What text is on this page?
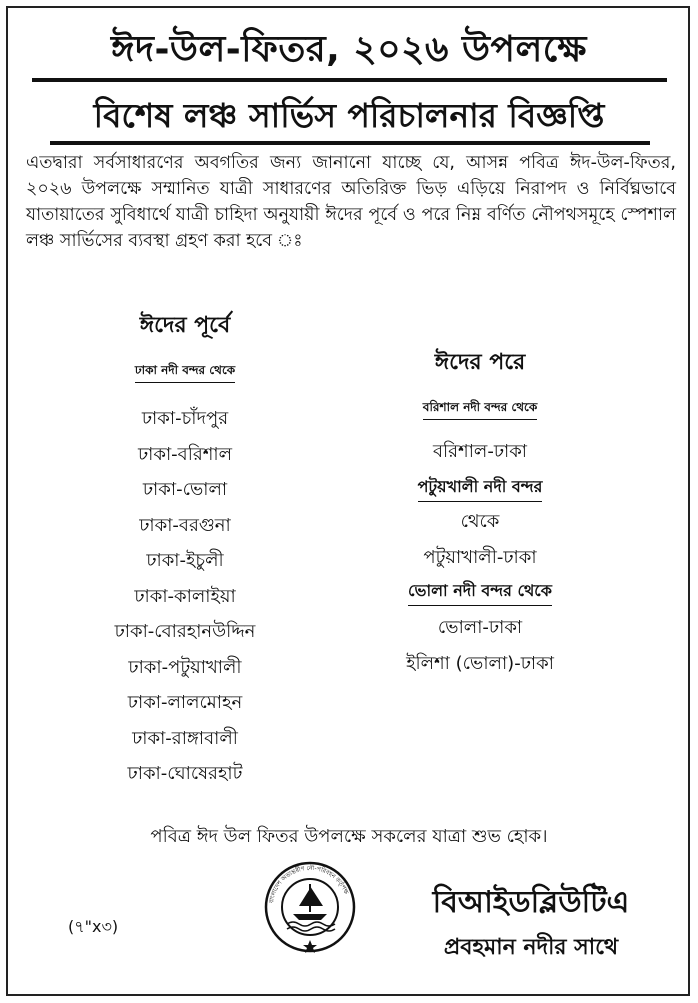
ঈদ-উল-ফিতর, ২০২৬ উপলক্ষে
বিশেষ লঞ্চ সার্ভিস পরিচালনার বিজ্ঞপ্তি
এতদ্বারা সর্বসাধারণের অবগতির জন্য জানানো যাচ্ছে যে, আসন্ন পবিত্র ঈদ-উল-ফিতর, ২০২৬ উপলক্ষে সম্মানিত যাত্রী সাধারণের অতিরিক্ত ভিড় এড়িয়ে নিরাপদ ও নির্বিঘ্নভাবে যাতায়াতের সুবিধার্থে যাত্রী চাহিদা অনুযায়ী ঈদের পূর্বে ও পরে নিম্ন বর্ণিত নৌপথসমূহে স্পেশাল লঞ্চ সার্ভিসের ব্যবস্থা গ্রহণ করা হবে ঃ
ঈদের পূর্বে
ঢাকা নদী বন্দর থেকে
ঢাকা-চাঁদপুর
ঢাকা-বরিশাল
ঢাকা-ভোলা
ঢাকা-বরগুনা
ঢাকা-ইচুলী
ঢাকা-কালাইয়া
ঢাকা-বোরহানউদ্দিন
ঢাকা-পটুয়াখালী
ঢাকা-লালমোহন
ঢাকা-রাঙ্গাবালী
ঢাকা-ঘোষেরহাট
ঈদের পরে
বরিশাল নদী বন্দর থেকে
বরিশাল-ঢাকা
পটুয়খালী নদী বন্দর
থেকে
পটুয়াখালী-ঢাকা
ভোলা নদী বন্দর থেকে
ভোলা-ঢাকা
ইলিশা (ভোলা)-ঢাকা
পবিত্র ঈদ উল ফিতর উপলক্ষে সকলের যাত্রা শুভ হোক।
(৭"x৩)
বাংলাদেশ অভ্যন্তরীণ নৌ-পরিবহন কর্তৃপক্ষ	বিআইডব্লিউটিএ
প্রবহমান নদীর সাথে
